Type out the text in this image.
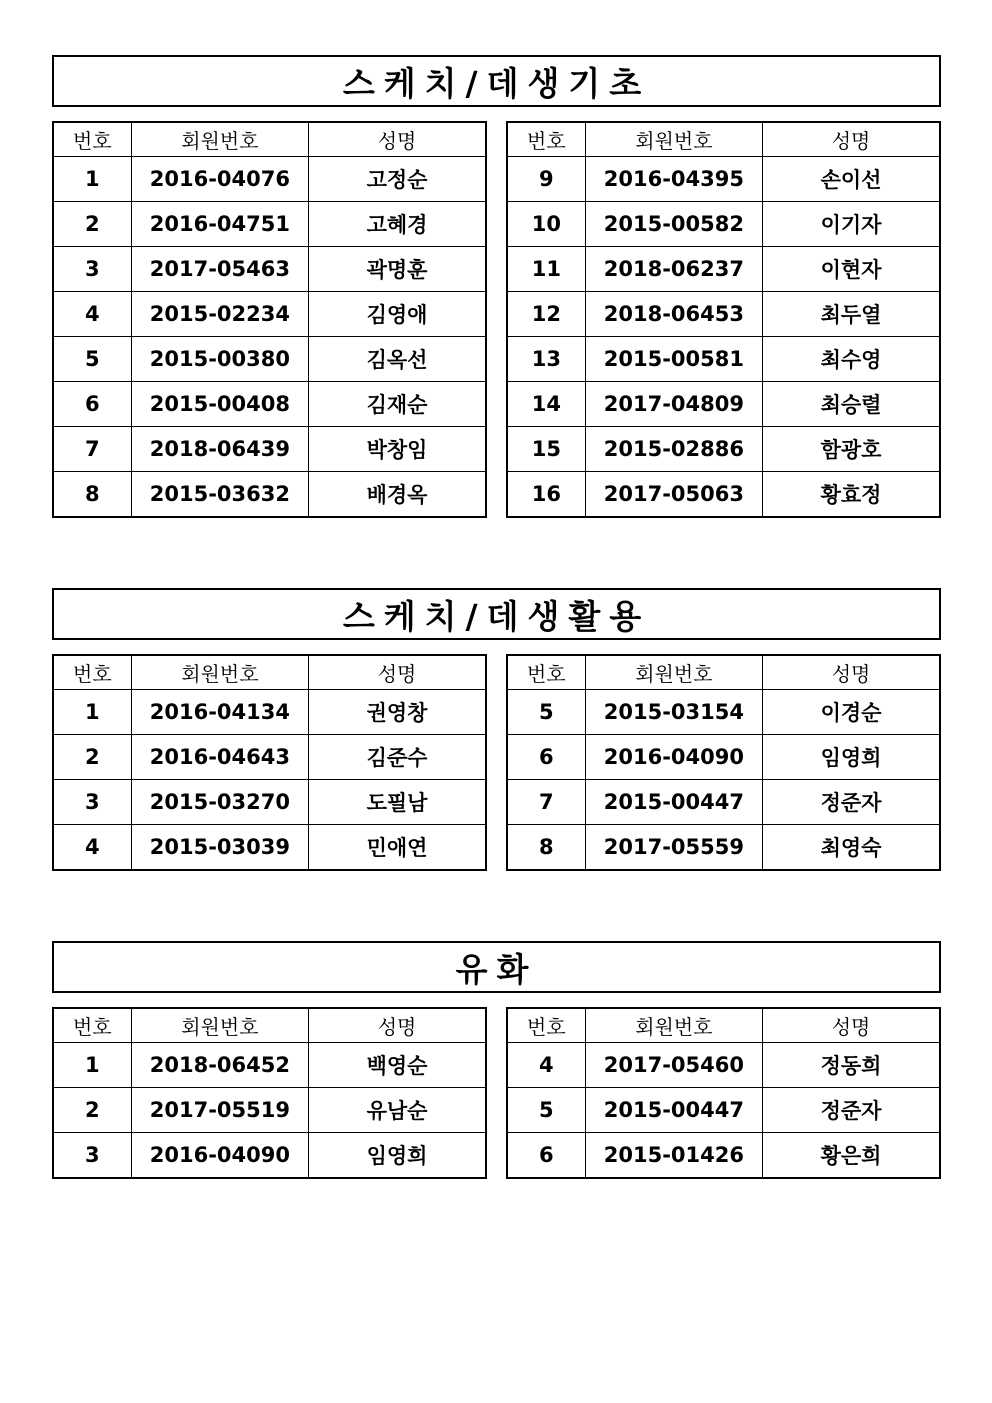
스케치/데생기초
번호	회원번호	성명
1	2016-04076	고정순
2	2016-04751	고혜경
3	2017-05463	곽명훈
4	2015-02234	김영애
5	2015-00380	김옥선
6	2015-00408	김재순
7	2018-06439	박창임
8	2015-03632	배경옥
번호	회원번호	성명
9	2016-04395	손이선
10	2015-00582	이기자
11	2018-06237	이현자
12	2018-06453	최두열
13	2015-00581	최수영
14	2017-04809	최승렬
15	2015-02886	함광호
16	2017-05063	황효정
스케치/데생활용
번호	회원번호	성명
1	2016-04134	권영창
2	2016-04643	김준수
3	2015-03270	도필남
4	2015-03039	민애연
번호	회원번호	성명
5	2015-03154	이경순
6	2016-04090	임영희
7	2015-00447	정준자
8	2017-05559	최영숙
유화
번호	회원번호	성명
1	2018-06452	백영순
2	2017-05519	유남순
3	2016-04090	임영희
번호	회원번호	성명
4	2017-05460	정동희
5	2015-00447	정준자
6	2015-01426	황은희
